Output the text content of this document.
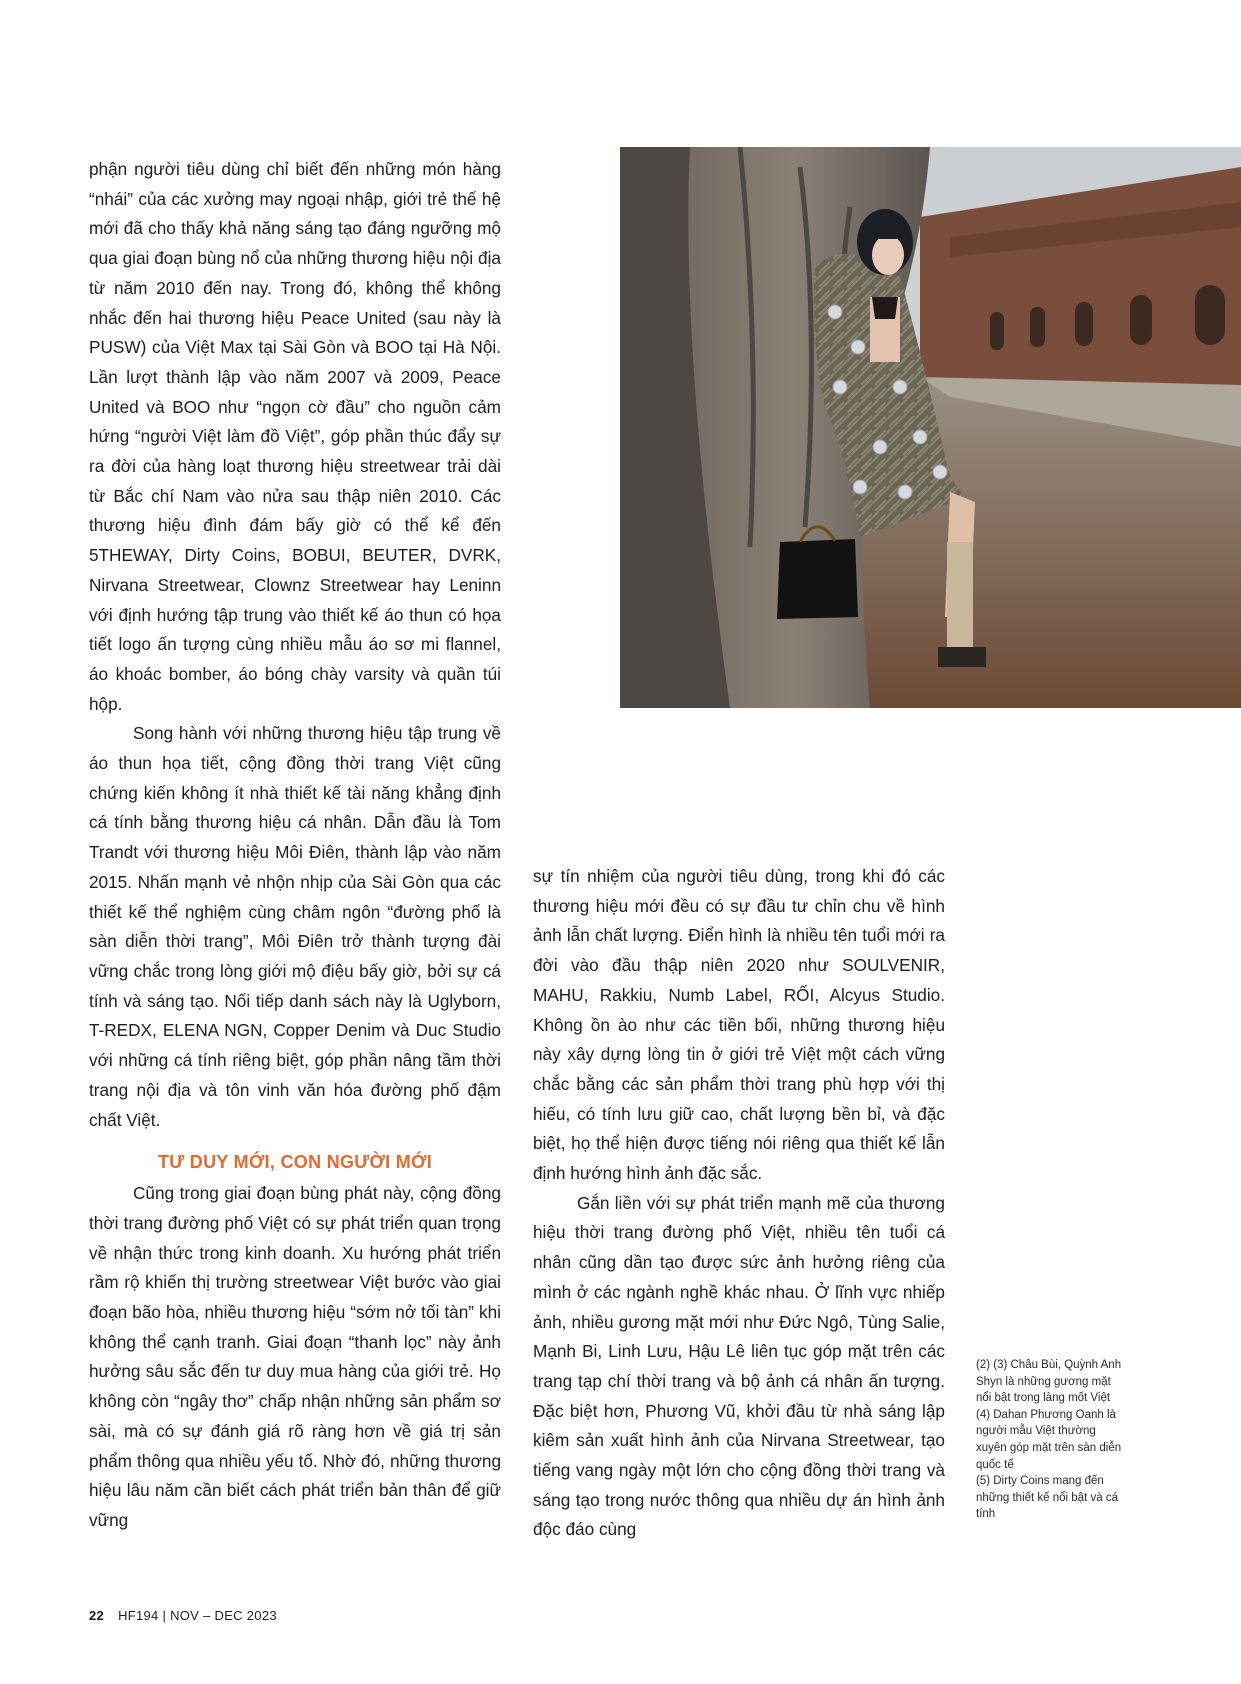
phận người tiêu dùng chỉ biết đến những món hàng “nhái” của các xưởng may ngoại nhập, giới trẻ thế hệ mới đã cho thấy khả năng sáng tạo đáng ngưỡng mộ qua giai đoạn bùng nổ của những thương hiệu nội địa từ năm 2010 đến nay. Trong đó, không thể không nhắc đến hai thương hiệu Peace United (sau này là PUSW) của Việt Max tại Sài Gòn và BOO tại Hà Nội. Lần lượt thành lập vào năm 2007 và 2009, Peace United và BOO như “ngọn cờ đầu” cho nguồn cảm hứng “người Việt làm đồ Việt”, góp phần thúc đẩy sự ra đời của hàng loạt thương hiệu streetwear trải dài từ Bắc chí Nam vào nửa sau thập niên 2010. Các thương hiệu đình đám bấy giờ có thể kể đến 5THEWAY, Dirty Coins, BOBUI, BEUTER, DVRK, Nirvana Streetwear, Clownz Streetwear hay Leninn với định hướng tập trung vào thiết kế áo thun có họa tiết logo ấn tượng cùng nhiều mẫu áo sơ mi flannel, áo khoác bomber, áo bóng chày varsity và quần túi hộp.

Song hành với những thương hiệu tập trung về áo thun họa tiết, cộng đồng thời trang Việt cũng chứng kiến không ít nhà thiết kế tài năng khẳng định cá tính bằng thương hiệu cá nhân. Dẫn đầu là Tom Trandt với thương hiệu Môi Điên, thành lập vào năm 2015. Nhấn mạnh vẻ nhộn nhịp của Sài Gòn qua các thiết kế thể nghiệm cùng châm ngôn “đường phố là sàn diễn thời trang”, Môi Điên trở thành tượng đài vững chắc trong lòng giới mộ điệu bấy giờ, bởi sự cá tính và sáng tạo. Nối tiếp danh sách này là Uglyborn, T-REDX, ELENA NGN, Copper Denim và Duc Studio với những cá tính riêng biệt, góp phần nâng tầm thời trang nội địa và tôn vinh văn hóa đường phố đậm chất Việt.

TƯ DUY MỚI, CON NGƯỜI MỚI

Cũng trong giai đoạn bùng phát này, cộng đồng thời trang đường phố Việt có sự phát triển quan trọng về nhận thức trong kinh doanh. Xu hướng phát triển rầm rộ khiến thị trường streetwear Việt bước vào giai đoạn bão hòa, nhiều thương hiệu “sớm nở tối tàn” khi không thể cạnh tranh. Giai đoạn “thanh lọc” này ảnh hưởng sâu sắc đến tư duy mua hàng của giới trẻ. Họ không còn “ngây thơ” chấp nhận những sản phẩm sơ sài, mà có sự đánh giá rõ ràng hơn về giá trị sản phẩm thông qua nhiều yếu tố. Nhờ đó, những thương hiệu lâu năm cần biết cách phát triển bản thân để giữ vững

sự tín nhiệm của người tiêu dùng, trong khi đó các thương hiệu mới đều có sự đầu tư chỉn chu về hình ảnh lẫn chất lượng. Điển hình là nhiều tên tuổi mới ra đời vào đầu thập niên 2020 như SOULVENIR, MAHU, Rakkiu, Numb Label, RỐI, Alcyus Studio. Không ồn ào như các tiền bối, những thương hiệu này xây dựng lòng tin ở giới trẻ Việt một cách vững chắc bằng các sản phẩm thời trang phù hợp với thị hiếu, có tính lưu giữ cao, chất lượng bền bỉ, và đặc biệt, họ thể hiện được tiếng nói riêng qua thiết kế lẫn định hướng hình ảnh đặc sắc.

Gắn liền với sự phát triển mạnh mẽ của thương hiệu thời trang đường phố Việt, nhiều tên tuổi cá nhân cũng dần tạo được sức ảnh hưởng riêng của mình ở các ngành nghề khác nhau. Ở lĩnh vực nhiếp ảnh, nhiều gương mặt mới như Đức Ngô, Tùng Salie, Mạnh Bi, Linh Lưu, Hậu Lê liên tục góp mặt trên các trang tạp chí thời trang và bộ ảnh cá nhân ấn tượng. Đặc biệt hơn, Phương Vũ, khởi đầu từ nhà sáng lập kiêm sản xuất hình ảnh của Nirvana Streetwear, tạo tiếng vang ngày một lớn cho cộng đồng thời trang và sáng tạo trong nước thông qua nhiều dự án hình ảnh độc đáo cùng

(2) (3) Châu Bùi, Quỳnh Anh Shyn là những gương mặt nổi bật trong làng mốt Việt

(4) Dahan Phương Oanh là người mẫu Việt thường xuyên góp mặt trên sàn diễn quốc tế

(5) Dirty Coins mang đến những thiết kế nổi bật và cá tính

22 HF194 | NOV – DEC 2023
